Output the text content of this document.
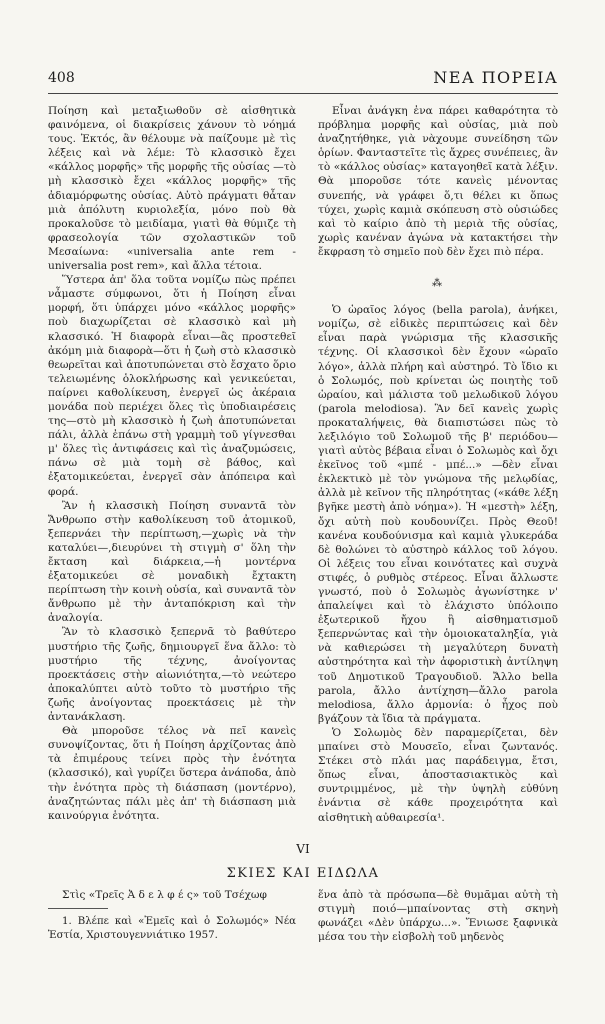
408	ΝΕΑ ΠΟΡΕΙΑ

Ποίηση καὶ μεταξιωθοῦν σὲ αἰσθητικὰ φαινόμενα, οἱ διακρίσεις χάνουν τὸ νόημά τους. Ἐκτός, ἂν θέλουμε νὰ παίζουμε μὲ τὶς λέξεις καὶ νὰ λέμε: Τὸ κλασσικὸ ἔχει «κάλλος μορφῆς» τῆς μορφῆς τῆς οὐσίας —τὸ μὴ κλασσικὸ ἔχει «κάλλος μορφῆς» τῆς ἀδιαμόρφωτης οὐσίας. Αὐτὸ πράγματι θἆταν μιὰ ἀπόλυτη κυριολεξία, μόνο ποὺ θὰ προκαλοῦσε τὸ μειδίαμα, γιατὶ θὰ θύμιζε τὴ φρασεολογία τῶν σχολαστικῶν τοῦ Μεσαίωνα: «universalia ante rem - universalia post rem», καὶ ἄλλα τέτοια.

Ὕστερα ἀπ' ὅλα τοῦτα νομίζω πὼς πρέπει νἆμαστε σύμφωνοι, ὅτι ἡ Ποίηση εἶναι μορφή, ὅτι ὑπάρχει μόνο «κάλλος μορφῆς» ποὺ διαχωρίζεται σὲ κλασσικὸ καὶ μὴ κλασσικό. Ἡ διαφορὰ εἶναι—ἂς προστεθεῖ ἀκόμη μιὰ διαφορὰ—ὅτι ἡ ζωὴ στὸ κλασσικὸ θεωρεῖται καὶ ἀποτυπώνεται στὸ ἔσχατο ὅριο τελειωμένης ὁλοκλήρωσης καὶ γενικεύεται, παίρνει καθολίκευση, ἐνεργεῖ ὡς ἀκέραια μονάδα ποὺ περιέχει ὅλες τὶς ὑποδιαιρέσεις της—στὸ μὴ κλασσικὸ ἡ ζωὴ ἀποτυπώνεται πάλι, ἀλλὰ ἐπάνω στὴ γραμμὴ τοῦ γίγνεσθαι μ' ὅλες τὶς ἀντιφάσεις καὶ τὶς ἀναζυμώσεις, πάνω σὲ μιὰ τομὴ σὲ βάθος, καὶ ἐξατομικεύεται, ἐνεργεῖ σὰν ἀπόπειρα καὶ φορά.

Ἂν ἡ κλασσικὴ Ποίηση συναντᾶ τὸν Ἄνθρωπο στὴν καθολίκευση τοῦ ἀτομικοῦ, ξεπερνάει τὴν περίπτωση,—χωρὶς νὰ τὴν καταλύει—,διευρύνει τὴ στιγμὴ σ' ὅλη τὴν ἔκταση καὶ διάρκεια,—ἡ μοντέρνα ἐξατομικεύει σὲ μοναδικὴ ἔχτακτη περίπτωση τὴν κοινὴ οὐσία, καὶ συναντᾶ τὸν ἄνθρωπο μὲ τὴν ἀνταπόκριση καὶ τὴν ἀναλογία.

Ἂν τὸ κλασσικὸ ξεπερνᾶ τὸ βαθύτερο μυστήριο τῆς ζωῆς, δημιουργεῖ ἕνα ἄλλο: τὸ μυστήριο τῆς τέχνης, ἀνοίγοντας προεκτάσεις στὴν αἰωνιότητα,—τὸ νεώτερο ἀποκαλύπτει αὐτὸ τοῦτο τὸ μυστήριο τῆς ζωῆς ἀνοίγοντας προεκτάσεις μὲ τὴν ἀντανάκλαση.

Θὰ μποροῦσε τέλος νὰ πεῖ κανεὶς συνοψίζοντας, ὅτι ἡ Ποίηση ἀρχίζοντας ἀπὸ τὰ ἐπιμέρους τείνει πρὸς τὴν ἑνότητα (κλασσικό), καὶ γυρίζει ὕστερα ἀνάποδα, ἀπὸ τὴν ἑνότητα πρὸς τὴ διάσπαση (μοντέρνο), ἀναζητώντας πάλι μὲς ἀπ' τὴ διάσπαση μιὰ καινούργια ἑνότητα.

Εἶναι ἀνάγκη ἐνα πάρει καθαρότητα τὸ πρόβλημα μορφῆς καὶ οὐσίας, μιὰ ποὺ ἀναζητήθηκε, γιὰ νὰχουμε συνείδηση τῶν ὁρίων. Φανταστεῖτε τὶς ἄχρες συνέπειες, ἂν τὸ «κάλλος οὐσίας» καταγοηθεῖ κατὰ λέξιν. Θὰ μποροῦσε τότε κανεὶς μένοντας συνεπής, νὰ γράφει ὅ,τι θέλει κι ὅπως τύχει, χωρὶς καμιὰ σκόπευση στὸ οὐσιώδες καὶ τὸ καίριο ἀπὸ τὴ μεριὰ τῆς οὐσίας, χωρὶς κανέναν ἀγώνα νὰ κατακτήσει τὴν ἔκφραση τὸ σημεῖο ποὺ δὲν ἔχει πιὸ πέρα.

⁂

Ὁ ὡραῖος λόγος (bella parola), ἀνήκει, νομίζω, σὲ εἰδικὲς περιπτώσεις καὶ δὲν εἶναι παρὰ γνώρισμα τῆς κλασσικῆς τέχνης. Οἱ κλασσικοὶ δὲν ἔχουν «ὡραῖο λόγο», ἀλλὰ πλήρη καὶ αὐστηρό. Τὸ ἴδιο κι ὁ Σολωμός, ποὺ κρίνεται ὡς ποιητὴς τοῦ ὡραίου, καὶ μάλιστα τοῦ μελωδικοῦ λόγου (parola melodiosa). Ἂν δεῖ κανεὶς χωρὶς προκαταλήψεις, θὰ διαπιστώσει πὼς τὸ λεξιλόγιο τοῦ Σολωμοῦ τῆς β' περιόδου—γιατὶ αὐτὸς βέβαια εἶναι ὁ Σολωμὸς καὶ ὄχι ἐκεῖνος τοῦ «μπέ - μπέ...» —δὲν εἶναι ἐκλεκτικὸ μὲ τὸν γνώμονα τῆς μελῳδίας, ἀλλὰ μὲ κεῖνον τῆς πληρότητας («κάθε λέξη βγῆκε μεστὴ ἀπὸ νόημα»). Ἡ «μεστὴ» λέξη, ὄχι αὐτὴ ποὺ κουδουνίζει. Πρὸς Θεοῦ! κανένα κουδούνισμα καὶ καμιὰ γλυκεράδα δὲ θολώνει τὸ αὐστηρὸ κάλλος τοῦ λόγου. Οἱ λέξεις του εἶναι κοινότατες καὶ συχνὰ στιφές, ὁ ρυθμὸς στέρεος. Εἶναι ἄλλωστε γνωστό, ποὺ ὁ Σολωμὸς ἀγωνίστηκε ν' ἀπαλείψει καὶ τὸ ἐλάχιστο ὑπόλοιπο ἐξωτερικοῦ ἤχου ἢ αἰσθηματισμοῦ ξεπερνώντας καὶ τὴν ὁμοιοκαταληξία, γιὰ νὰ καθιερώσει τὴ μεγαλύτερη δυνατὴ αὐστηρότητα καὶ τὴν ἀφοριστικὴ ἀντίληψη τοῦ Δημοτικοῦ Τραγουδιοῦ. Ἄλλο bella parola, ἄλλο ἀντίχηση—ἄλλο parola melodiosa, ἄλλο ἁρμονία: ὁ ἦχος ποὺ βγάζουν τὰ ἴδια τὰ πράγματα.

Ὁ Σολωμὸς δὲν παραμερίζεται, δὲν μπαίνει στὸ Μουσεῖο, εἶναι ζωντανός. Στέκει στὸ πλάι μας παράδειγμα, ἔτσι, ὅπως εἶναι, ἀποστασιακτικὸς καὶ συντριμμένος, μὲ τὴν ὑψηλὴ εὐθύνη ἐνάντια σὲ κάθε προχειρότητα καὶ αἰσθητικὴ αὐθαιρεσία¹.

VI
ΣΚΙΕΣ ΚΑΙ ΕΙΔΩΛΑ

Στὶς «Τρεῖς Ἀ δ ε λ φ έ ς» τοῦ Τσέχωφ

1. Βλέπε καὶ «Ἐμεῖς καὶ ὁ Σολωμός» Νέα Ἑστία, Χριστουγεννιάτικο 1957.

ἕνα ἀπὸ τὰ πρόσωπα—δὲ θυμᾶμαι αὐτὴ τὴ στιγμὴ ποιό—μπαίνοντας στὴ σκηνὴ φωνάζει «Δὲν ὑπάρχω...». Ἔνιωσε ξαφνικὰ μέσα του τὴν εἰσβολὴ τοῦ μηδενὸς
